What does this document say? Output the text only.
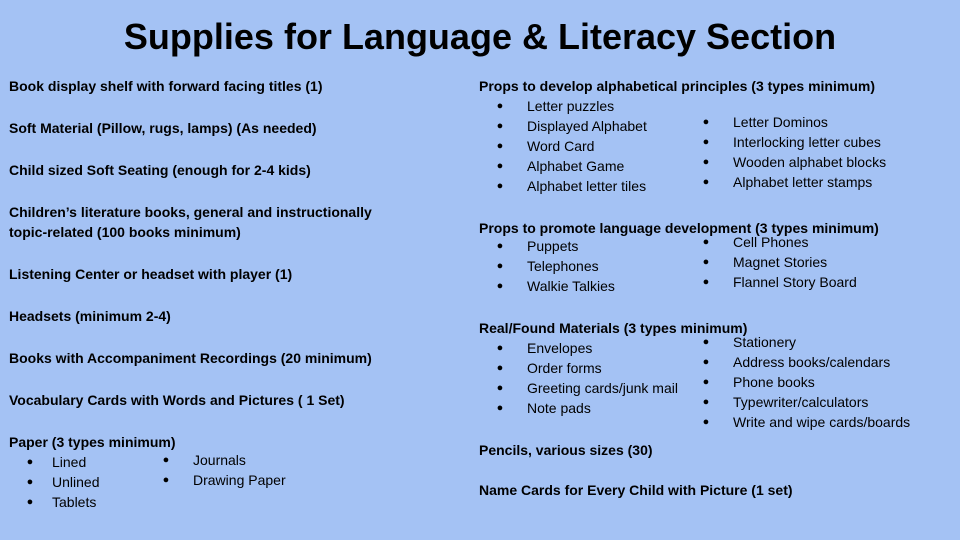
Supplies for Language & Literacy Section
Book display shelf with forward facing titles (1)
Soft Material (Pillow, rugs, lamps) (As needed)
Child sized Soft Seating (enough for 2-4 kids)
Children’s literature books, general and instructionally topic-related (100 books minimum)
Listening Center or headset with player (1)
Headsets (minimum 2-4)
Books with Accompaniment Recordings (20 minimum)
Vocabulary Cards with Words and Pictures ( 1 Set)
Paper (3 types minimum)
● Lined
● Unlined
● Tablets
● Journals
● Drawing Paper
Props to develop alphabetical principles (3 types minimum)
● Letter puzzles
● Displayed Alphabet
● Word Card
● Alphabet Game
● Alphabet letter tiles
● Letter Dominos
● Interlocking letter cubes
● Wooden alphabet blocks
● Alphabet letter stamps
Props to promote language development (3 types minimum)
● Puppets
● Telephones
● Walkie Talkies
● Cell Phones
● Magnet Stories
● Flannel Story Board
Real/Found Materials (3 types minimum)
● Envelopes
● Order forms
● Greeting cards/junk mail
● Note pads
● Stationery
● Address books/calendars
● Phone books
● Typewriter/calculators
● Write and wipe cards/boards
Pencils, various sizes (30)
Name Cards for Every Child with Picture (1 set)
